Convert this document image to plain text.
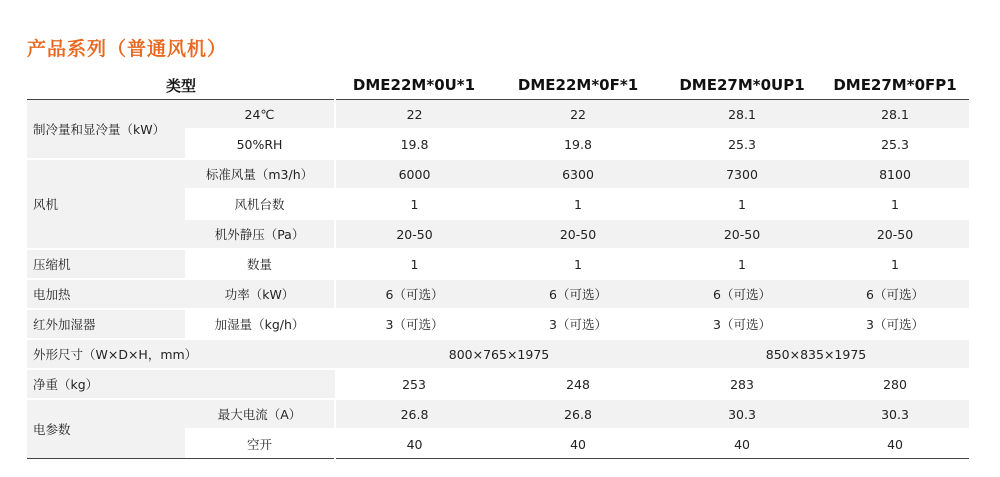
产品系列（普通风机）
类型		DME22M*0U*1	DME22M*0F*1	DME27M*0UP1	DME27M*0FP1
制冷量和显冷量（kW）	24℃	22	22	28.1	28.1
	50%RH	19.8	19.8	25.3	25.3
风机	标准风量（m3/h）	6000	6300	7300	8100
	风机台数	1	1	1	1
	机外静压（Pa）	20-50	20-50	20-50	20-50
压缩机	数量	1	1	1	1
电加热	功率（kW）	6（可选）	6（可选）	6（可选）	6（可选）
红外加湿器	加湿量（kg/h）	3（可选）	3（可选）	3（可选）	3（可选）
外形尺寸（W×D×H，mm）		800×765×1975		850×835×1975	
净重（kg）		253	248	283	280
电参数	最大电流（A）	26.8	26.8	30.3	30.3
	空开	40	40	40	40
